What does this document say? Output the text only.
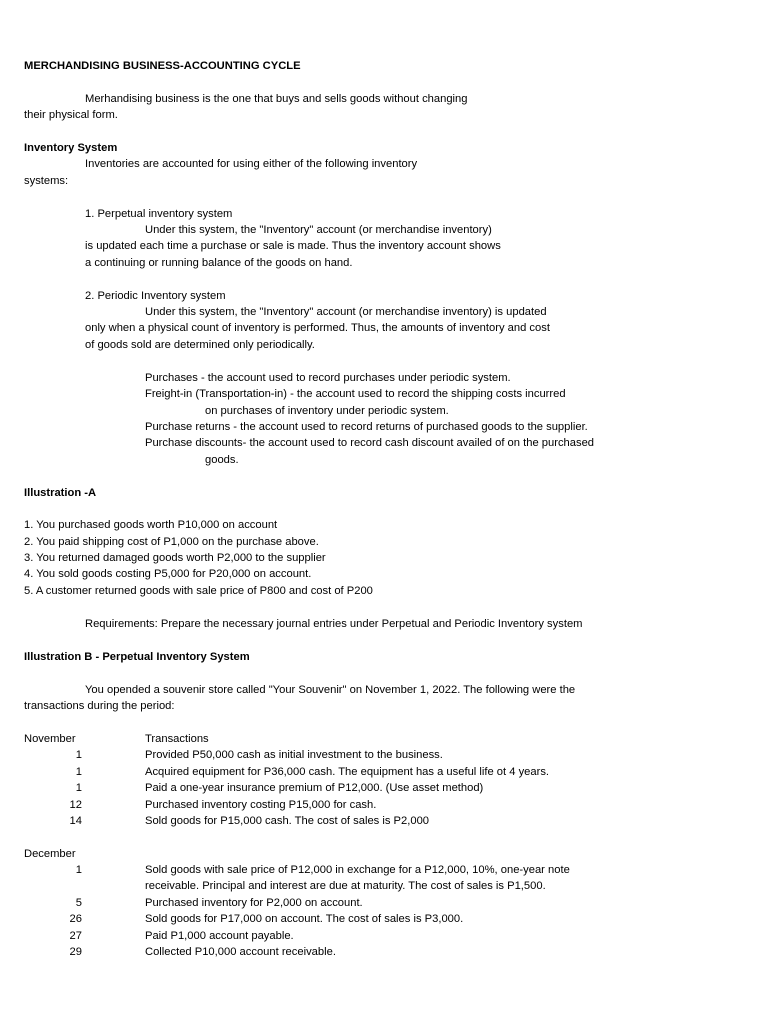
MERCHANDISING BUSINESS-ACCOUNTING CYCLE
Merhandising business is the one that buys and sells goods without changing
their physical form.
Inventory System
Inventories are accounted for using either of the following inventory
systems:
1. Perpetual inventory system
Under this system, the "Inventory" account (or merchandise inventory)
is updated each time a purchase or sale is made. Thus the inventory account shows
a continuing or running balance of the goods on hand.
2. Periodic Inventory system
Under this system, the "Inventory" account (or merchandise inventory) is updated
only when a physical count of inventory is performed. Thus, the amounts of inventory and cost
of goods sold are determined only periodically.
Purchases - the account used to record purchases under periodic system.
Freight-in (Transportation-in) - the account used to record the shipping costs incurred
on purchases of inventory under periodic system.
Purchase returns - the account used to record returns of purchased goods to the supplier.
Purchase discounts- the account used to record cash discount availed of on the purchased
goods.
Illustration -A
1. You purchased goods worth P10,000 on account
2. You paid shipping cost of P1,000 on the purchase above.
3. You returned damaged goods worth P2,000 to the supplier
4. You sold goods costing P5,000 for P20,000 on account.
5. A customer returned goods with sale price of P800 and cost of P200
Requirements: Prepare the necessary journal entries under Perpetual and Periodic Inventory system
Illustration B - Perpetual Inventory System
You opended a souvenir store called "Your Souvenir" on November 1, 2022. The following were the
transactions during the period:
November	Transactions
1	Provided P50,000 cash as initial investment to the business.
1	Acquired equipment for P36,000 cash. The equipment has a useful life ot 4 years.
1	Paid a one-year insurance premium of P12,000. (Use asset method)
12	Purchased inventory costing P15,000 for cash.
14	Sold goods for P15,000 cash. The cost of sales is P2,000
December
1	Sold goods with sale price of P12,000 in exchange for a P12,000, 10%, one-year note
receivable. Principal and interest are due at maturity. The cost of sales is P1,500.
5	Purchased inventory for P2,000 on account.
26	Sold goods for P17,000 on account. The cost of sales is P3,000.
27	Paid P1,000 account payable.
29	Collected P10,000 account receivable.
